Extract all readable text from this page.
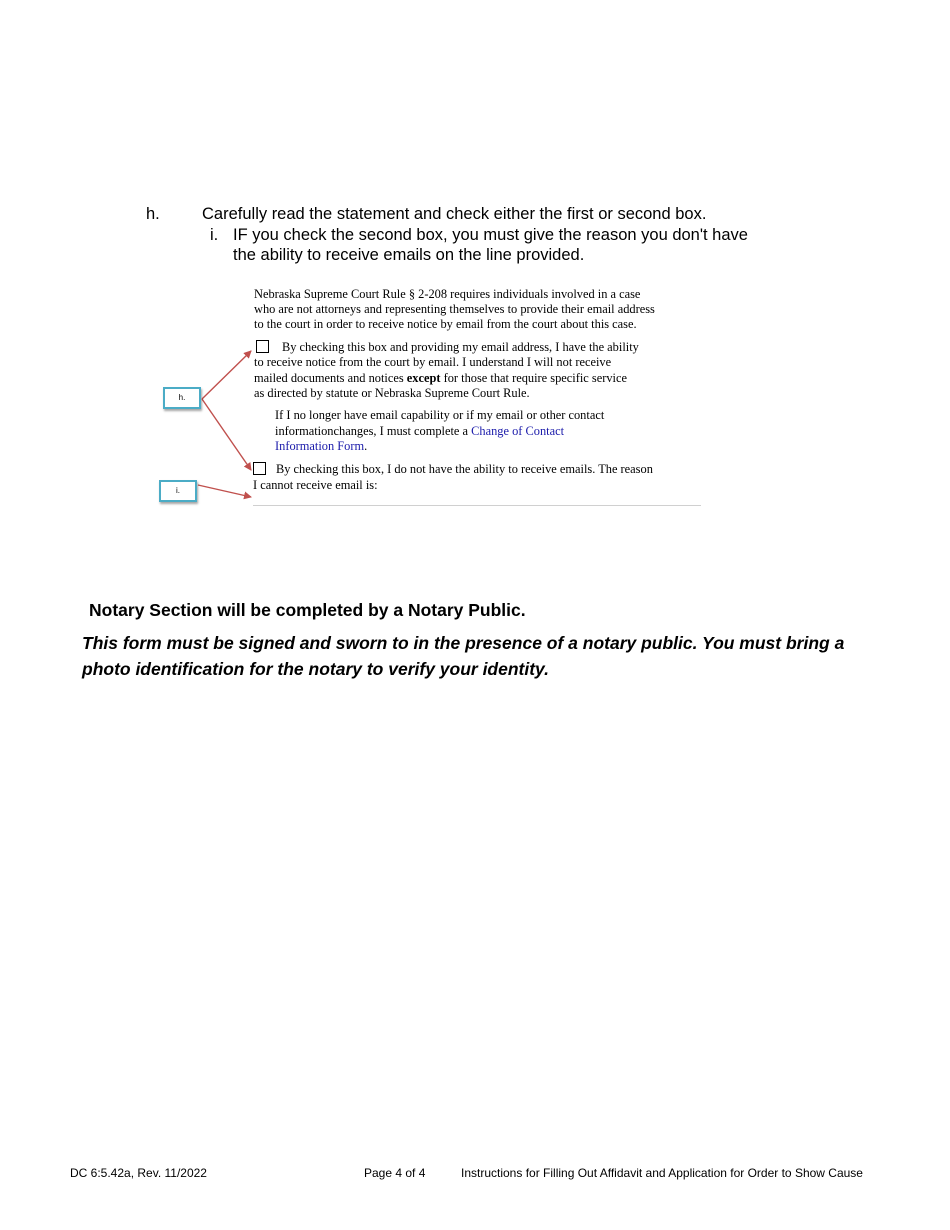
h.	Carefully read the statement and check either the first or second box.
i. IF you check the second box, you must give the reason you don't have
the ability to receive emails on the line provided.
Nebraska Supreme Court Rule § 2-208 requires individuals involved in a case
who are not attorneys and representing themselves to provide their email address
to the court in order to receive notice by email from the court about this case.
By checking this box and providing my email address, I have the ability
to receive notice from the court by email. I understand I will not receive
mailed documents and notices except for those that require specific service
as directed by statute or Nebraska Supreme Court Rule.
If I no longer have email capability or if my email or other contact
informationchanges, I must complete a Change of Contact
Information Form.
By checking this box, I do not have the ability to receive emails. The reason
I cannot receive email is:
h.
i.
Notary Section will be completed by a Notary Public.
This form must be signed and sworn to in the presence of a notary public. You must bring a photo identification for the notary to verify your identity.
DC 6:5.42a, Rev. 11/2022	Page 4 of 4	Instructions for Filling Out Affidavit and Application for Order to Show Cause
